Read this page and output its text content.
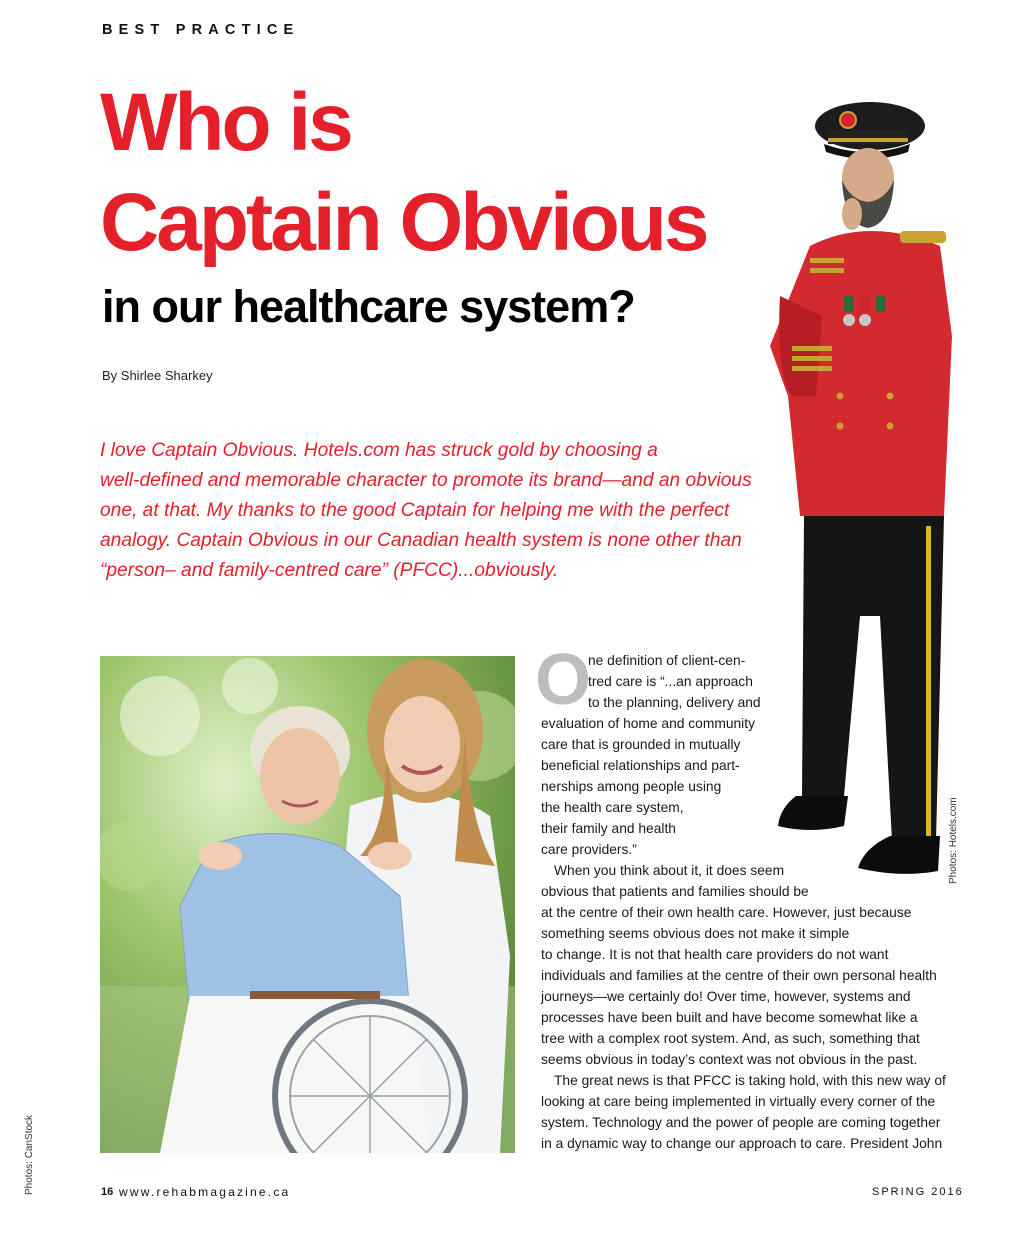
BEST PRACTICE
Who is
Captain Obvious
in our healthcare system?
By Shirlee Sharkey
I love Captain Obvious. Hotels.com has struck gold by choosing a
well-defined and memorable character to promote its brand—and an obvious
one, at that. My thanks to the good Captain for helping me with the perfect
analogy. Captain Obvious in our Canadian health system is none other than
“person– and family-centred care” (PFCC)...obviously.
Photos: CanStock
Photos: Hotels.com
O
ne definition of client-cen-
tred care is “...an approach
to the planning, delivery and
evaluation of home and community
care that is grounded in mutually
beneficial relationships and part-
nerships among people using
the health care system,
their family and health
care providers.”
When you think about it, it does seem
obvious that patients and families should be
at the centre of their own health care. However, just because
something seems obvious does not make it simple
to change. It is not that health care providers do not want
individuals and families at the centre of their own personal health
journeys—we certainly do! Over time, however, systems and
processes have been built and have become somewhat like a
tree with a complex root system. And, as such, something that
seems obvious in today’s context was not obvious in the past.
The great news is that PFCC is taking hold, with this new way of
looking at care being implemented in virtually every corner of the
system. Technology and the power of people are coming together
in a dynamic way to change our approach to care. President John
16 www.rehabmagazine.ca	SPRING 2016
